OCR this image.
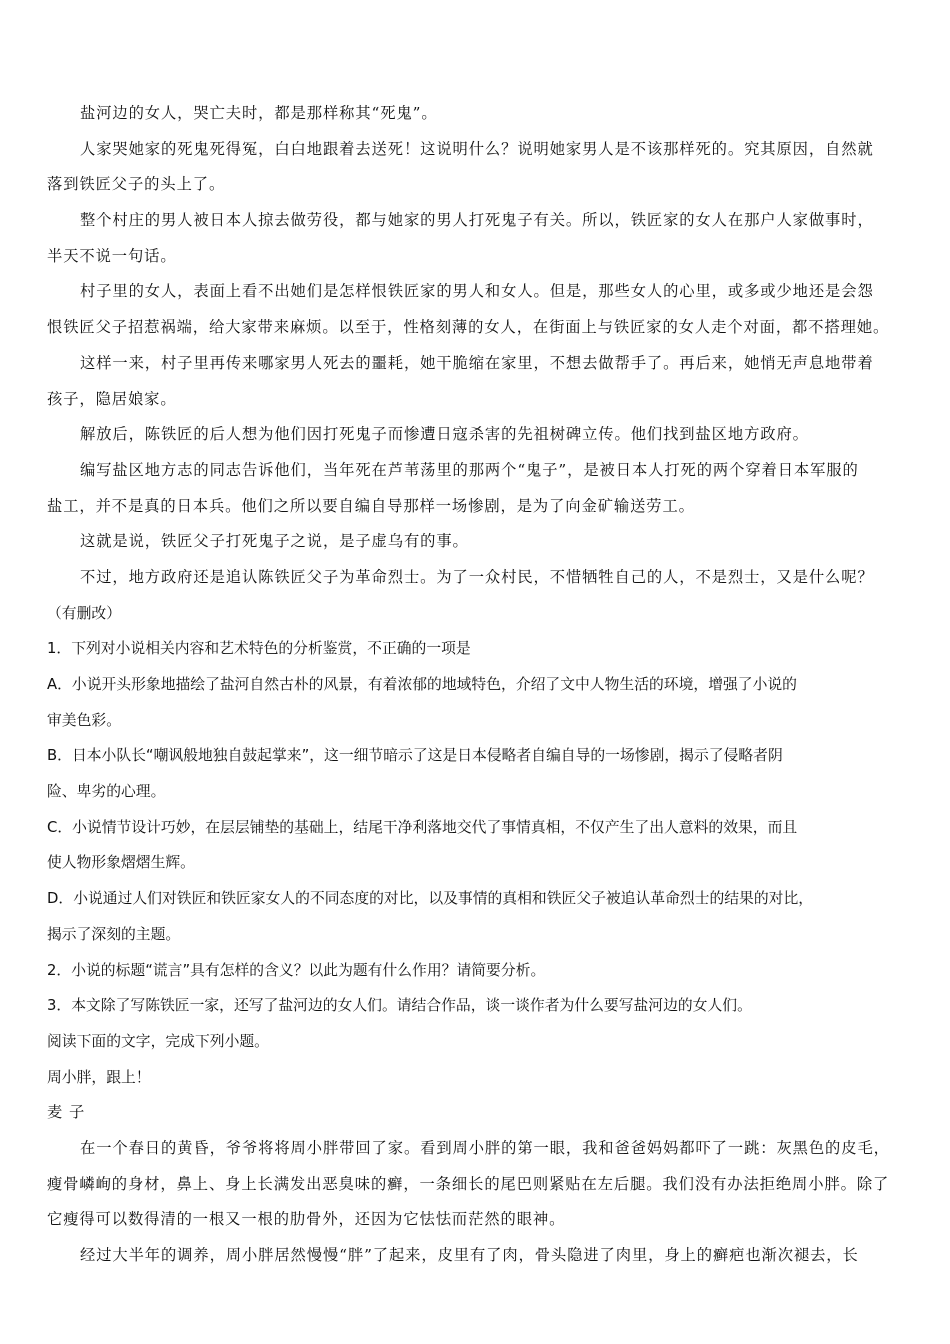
盐河边的女人，哭亡夫时，都是那样称其“死鬼”。
人家哭她家的死鬼死得冤，白白地跟着去送死！这说明什么？说明她家男人是不该那样死的。究其原因，自然就
落到铁匠父子的头上了。
整个村庄的男人被日本人掠去做劳役，都与她家的男人打死鬼子有关。所以，铁匠家的女人在那户人家做事时，
半天不说一句话。
村子里的女人，表面上看不出她们是怎样恨铁匠家的男人和女人。但是，那些女人的心里，或多或少地还是会怨
恨铁匠父子招惹祸端，给大家带来麻烦。以至于，性格刻薄的女人，在街面上与铁匠家的女人走个对面，都不搭理她。
这样一来，村子里再传来哪家男人死去的噩耗，她干脆缩在家里，不想去做帮手了。再后来，她悄无声息地带着
孩子，隐居娘家。
解放后，陈铁匠的后人想为他们因打死鬼子而惨遭日寇杀害的先祖树碑立传。他们找到盐区地方政府。
编写盐区地方志的同志告诉他们，当年死在芦苇荡里的那两个“鬼子”，是被日本人打死的两个穿着日本军服的
盐工，并不是真的日本兵。他们之所以要自编自导那样一场惨剧，是为了向金矿输送劳工。
这就是说，铁匠父子打死鬼子之说，是子虚乌有的事。
不过，地方政府还是追认陈铁匠父子为革命烈士。为了一众村民，不惜牺牲自己的人，不是烈士，又是什么呢？
（有删改）
1．下列对小说相关内容和艺术特色的分析鉴赏，不正确的一项是
A．小说开头形象地描绘了盐河自然古朴的风景，有着浓郁的地域特色，介绍了文中人物生活的环境，增强了小说的
审美色彩。
B．日本小队长“嘲讽般地独自鼓起掌来”，这一细节暗示了这是日本侵略者自编自导的一场惨剧，揭示了侵略者阴
险、卑劣的心理。
C．小说情节设计巧妙，在层层铺垫的基础上，结尾干净利落地交代了事情真相，不仅产生了出人意料的效果，而且
使人物形象熠熠生辉。
D．小说通过人们对铁匠和铁匠家女人的不同态度的对比，以及事情的真相和铁匠父子被追认革命烈士的结果的对比，
揭示了深刻的主题。
2．小说的标题“谎言”具有怎样的含义？以此为题有什么作用？请简要分析。
3．本文除了写陈铁匠一家，还写了盐河边的女人们。请结合作品，谈一谈作者为什么要写盐河边的女人们。
阅读下面的文字，完成下列小题。
周小胖，跟上！
麦 子
在一个春日的黄昏，爷爷将将周小胖带回了家。看到周小胖的第一眼，我和爸爸妈妈都吓了一跳：灰黑色的皮毛，
瘦骨嶙峋的身材，鼻上、身上长满发出恶臭味的癣，一条细长的尾巴则紧贴在左后腿。我们没有办法拒绝周小胖。除了
它瘦得可以数得清的一根又一根的肋骨外，还因为它怯怯而茫然的眼神。
经过大半年的调养，周小胖居然慢慢“胖”了起来，皮里有了肉，骨头隐进了肉里，身上的癣疤也渐次褪去，长
